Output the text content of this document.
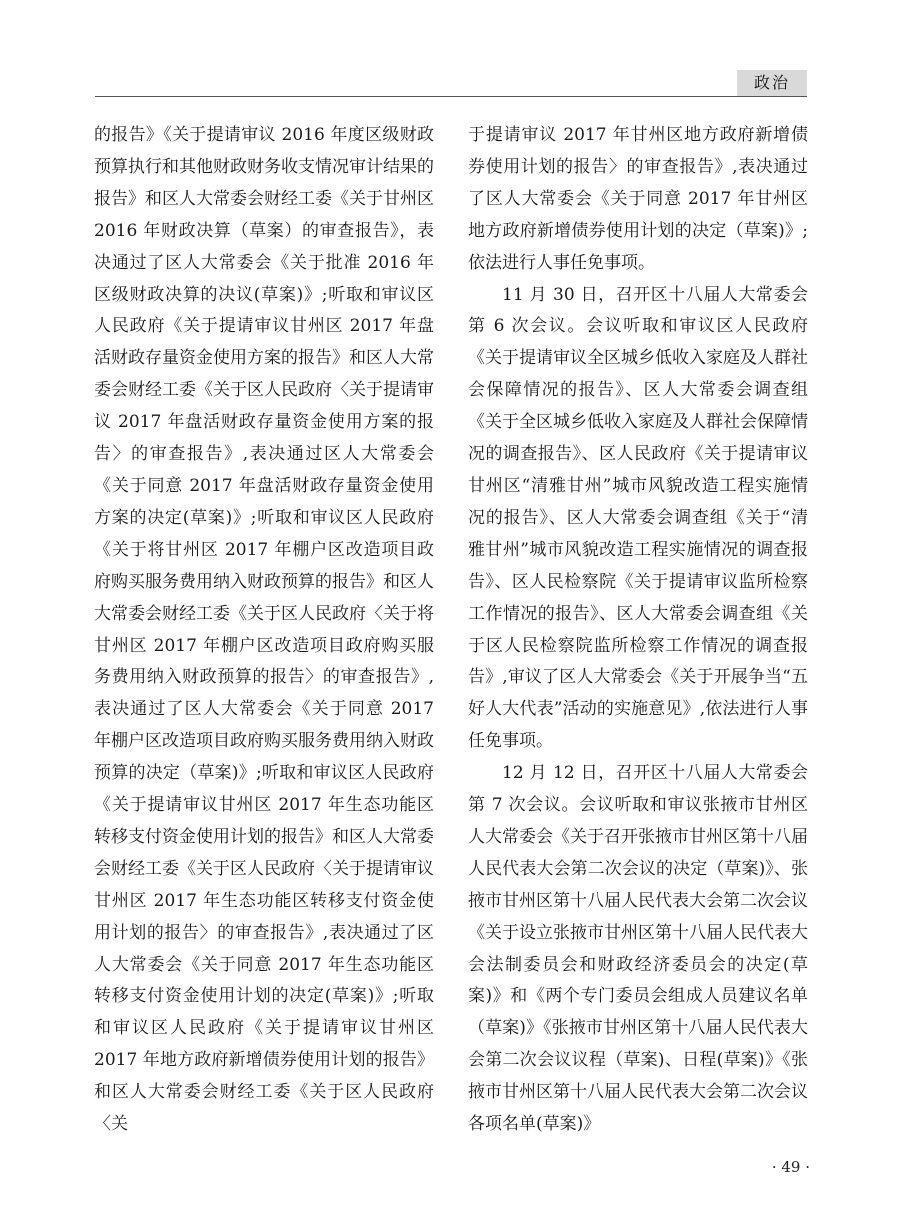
政治

的报告》《关于提请审议 2016 年度区级财政预算执行和其他财政财务收支情况审计结果的报告》和区人大常委会财经工委《关于甘州区 2016 年财政决算（草案）的审查报告》，表决通过了区人大常委会《关于批准 2016 年区级财政决算的决议(草案)》;听取和审议区人民政府《关于提请审议甘州区 2017 年盘活财政存量资金使用方案的报告》和区人大常委会财经工委《关于区人民政府〈关于提请审议 2017 年盘活财政存量资金使用方案的报告〉的审查报告》,表决通过区人大常委会《关于同意 2017 年盘活财政存量资金使用方案的决定(草案)》;听取和审议区人民政府《关于将甘州区 2017 年棚户区改造项目政府购买服务费用纳入财政预算的报告》和区人大常委会财经工委《关于区人民政府〈关于将甘州区 2017 年棚户区改造项目政府购买服务费用纳入财政预算的报告〉的审查报告》,表决通过了区人大常委会《关于同意 2017 年棚户区改造项目政府购买服务费用纳入财政预算的决定（草案)》;听取和审议区人民政府《关于提请审议甘州区 2017 年生态功能区转移支付资金使用计划的报告》和区人大常委会财经工委《关于区人民政府〈关于提请审议甘州区 2017 年生态功能区转移支付资金使用计划的报告〉的审查报告》,表决通过了区人大常委会《关于同意 2017 年生态功能区转移支付资金使用计划的决定(草案)》;听取和审议区人民政府《关于提请审议甘州区 2017 年地方政府新增债券使用计划的报告》和区人大常委会财经工委《关于区人民政府〈关

于提请审议 2017 年甘州区地方政府新增债券使用计划的报告〉的审查报告》,表决通过了区人大常委会《关于同意 2017 年甘州区地方政府新增债券使用计划的决定（草案)》;依法进行人事任免事项。

11 月 30 日，召开区十八届人大常委会第 6 次会议。会议听取和审议区人民政府《关于提请审议全区城乡低收入家庭及人群社会保障情况的报告》、区人大常委会调查组《关于全区城乡低收入家庭及人群社会保障情况的调查报告》、区人民政府《关于提请审议甘州区“清雅甘州”城市风貌改造工程实施情况的报告》、区人大常委会调查组《关于“清雅甘州”城市风貌改造工程实施情况的调查报告》、区人民检察院《关于提请审议监所检察工作情况的报告》、区人大常委会调查组《关于区人民检察院监所检察工作情况的调查报告》,审议了区人大常委会《关于开展争当“五好人大代表”活动的实施意见》,依法进行人事任免事项。

12 月 12 日，召开区十八届人大常委会第 7 次会议。会议听取和审议张掖市甘州区人大常委会《关于召开张掖市甘州区第十八届人民代表大会第二次会议的决定（草案)》、张掖市甘州区第十八届人民代表大会第二次会议《关于设立张掖市甘州区第十八届人民代表大会法制委员会和财政经济委员会的决定(草案)》和《两个专门委员会组成人员建议名单（草案)》《张掖市甘州区第十八届人民代表大会第二次会议议程（草案)、日程(草案)》《张掖市甘州区第十八届人民代表大会第二次会议各项名单(草案)》

· 49 ·
